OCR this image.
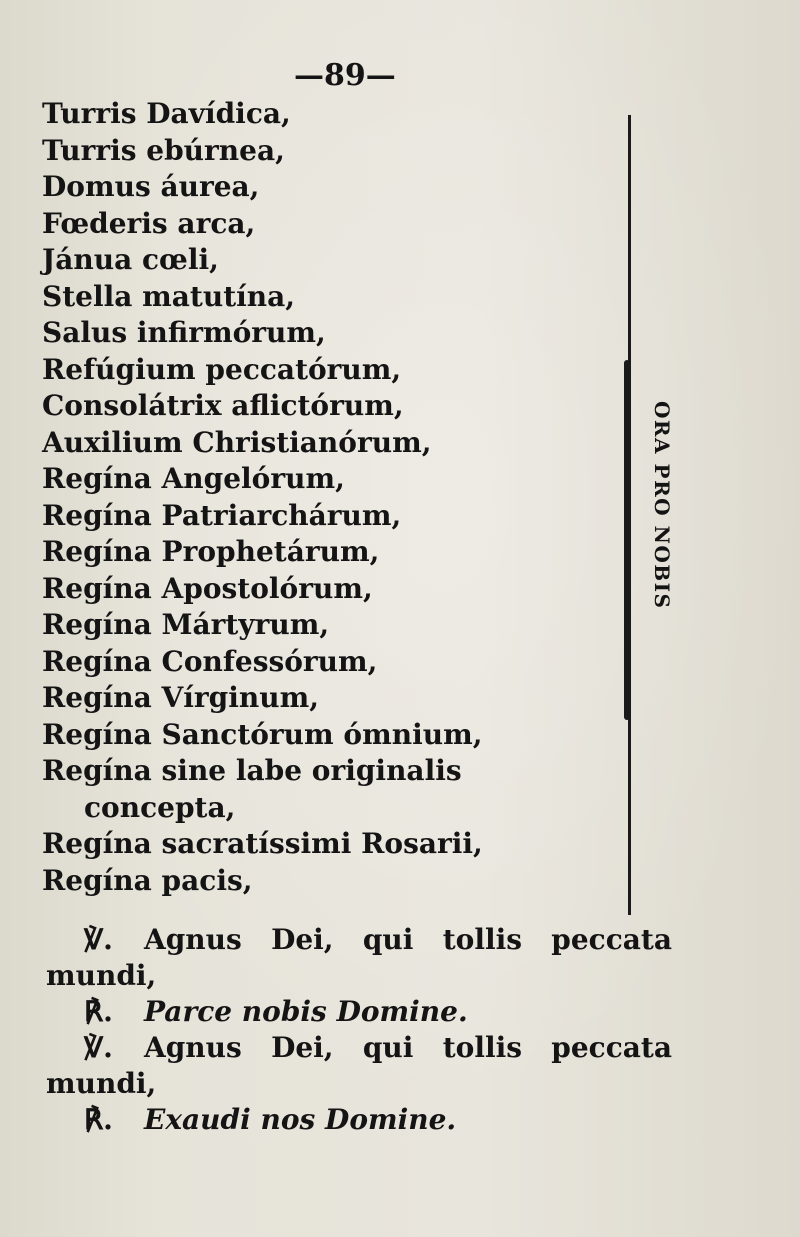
—89—
Turris Davídica,
Turris ebúrnea,
Domus áurea,
Fœderis arca,
Jánua cœli,
Stella matutína,
Salus infirmórum,
Refúgium peccatórum,
Consolátrix aflictórum,
Auxilium Christianórum,
Regína Angelórum,
Regína Patriarchárum,
Regína Prophetárum,
Regína Apostolórum,
Regína Mártyrum,
Regína Confessórum,
Regína Vírginum,
Regína Sanctórum ómnium,
Regína sine labe originalis
concepta,
Regína sacratíssimi Rosarii,
Regína pacis,
ORA PRO NOBIS
℣. Agnus Dei, qui tollis peccata
mundi,
℟. Parce nobis Domine.
℣. Agnus Dei, qui tollis peccata
mundi,
℟. Exaudi nos Domine.
